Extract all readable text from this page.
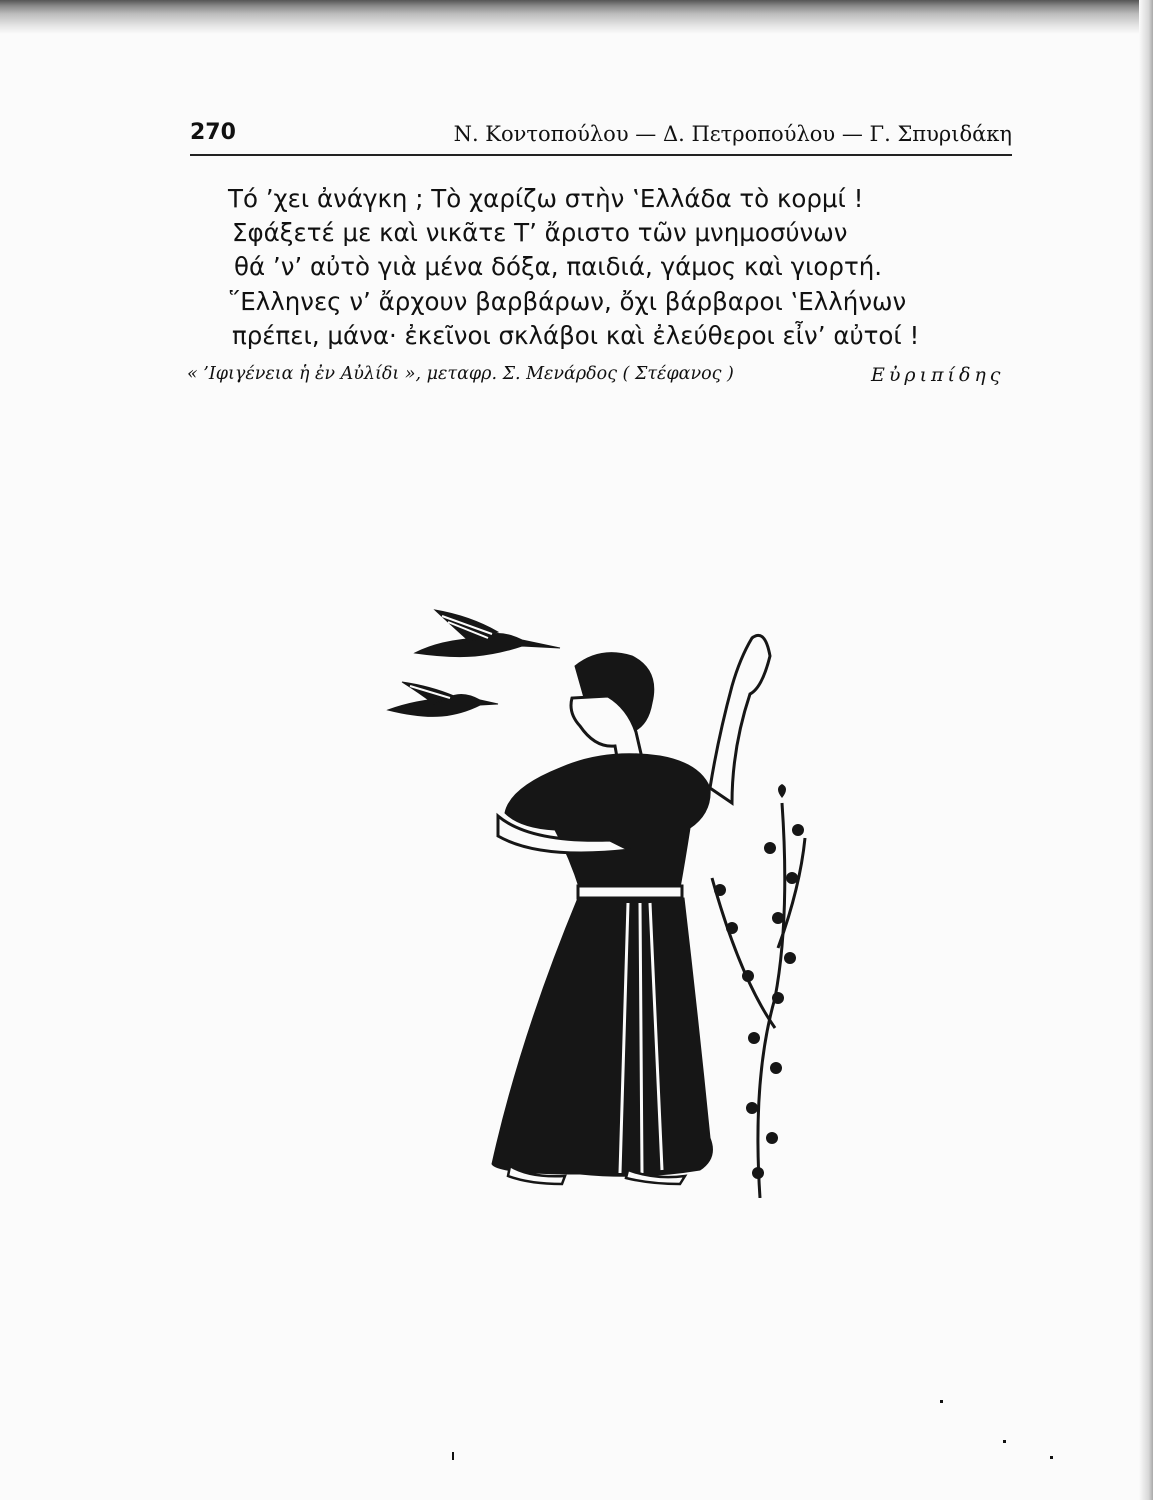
270	Ν. Κοντοπούλου — Δ. Πετροπούλου — Γ. Σπυριδάκη
Τό ’χει ἀνάγκη ; Τὸ χαρίζω στὴν ‛Ελλάδα τὸ κορμί !
Σφάξετέ με καὶ νικᾶτε Τ’ ἄριστο τῶν μνημοσύνων
θά ’ν’ αὐτὸ γιὰ μένα δόξα, παιδιά, γάμος καὶ γιορτή.
῞Ελληνες ν’ ἄρχουν βαρβάρων, ὄχι βάρβαροι ‛Ελλήνων
πρέπει, μάνα· ἐκεῖνοι σκλάβοι καὶ ἐλεύθεροι εἶν’ αὐτοί !
« ’Ιφιγένεια ἡ ἐν Αὐλίδι », μεταφρ. Σ. Μενάρδος ( Στέφανος )	Εὐριπίδης
